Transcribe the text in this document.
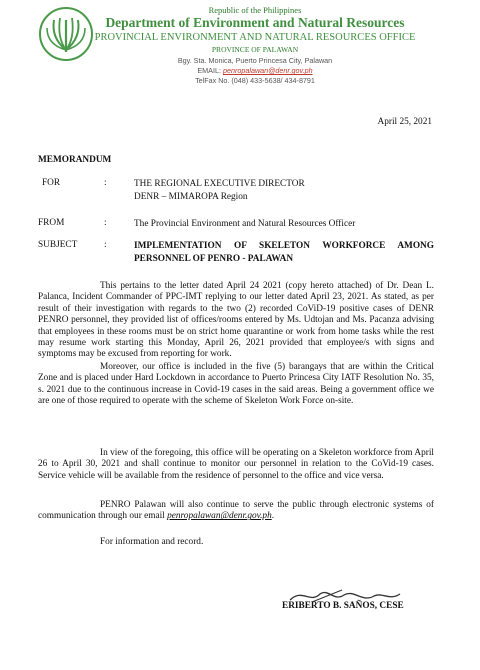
Republic of the Philippines
Department of Environment and Natural Resources
PROVINCIAL ENVIRONMENT AND NATURAL RESOURCES OFFICE
PROVINCE OF PALAWAN
Bgy. Sta. Monica, Puerto Princesa City, Palawan
EMAIL: penropalawan@denr.gov.ph
TelFax No. (048) 433-5638/ 434-8791
April 25, 2021
MEMORANDUM
FOR	:	THE REGIONAL EXECUTIVE DIRECTOR
DENR – MIMAROPA Region
FROM	:	The Provincial Environment and Natural Resources Officer
SUBJECT	:	IMPLEMENTATION OF SKELETON WORKFORCE AMONG PERSONNEL OF PENRO - PALAWAN

This pertains to the letter dated April 24 2021 (copy hereto attached) of Dr. Dean L. Palanca, Incident Commander of PPC-IMT replying to our letter dated April 23, 2021. As stated, as per result of their investigation with regards to the two (2) recorded CoViD-19 positive cases of DENR PENRO personnel, they provided list of offices/rooms entered by Ms. Udtojan and Ms. Pacanza advising that employees in these rooms must be on strict home quarantine or work from home tasks while the rest may resume work starting this Monday, April 26, 2021 provided that employee/s with signs and symptoms may be excused from reporting for work.

Moreover, our office is included in the five (5) barangays that are within the Critical Zone and is placed under Hard Lockdown in accordance to Puerto Princesa City IATF Resolution No. 35, s. 2021 due to the continuous increase in Covid-19 cases in the said areas. Being a government office we are one of those required to operate with the scheme of Skeleton Work Force on-site.

In view of the foregoing, this office will be operating on a Skeleton workforce from April 26 to April 30, 2021 and shall continue to monitor our personnel in relation to the CoVid-19 cases. Service vehicle will be available from the residence of personnel to the office and vice versa.

PENRO Palawan will also continue to serve the public through electronic systems of communication through our email penropalawan@denr.gov.ph.

For information and record.

ERIBERTO B. SAÑOS, CESE
